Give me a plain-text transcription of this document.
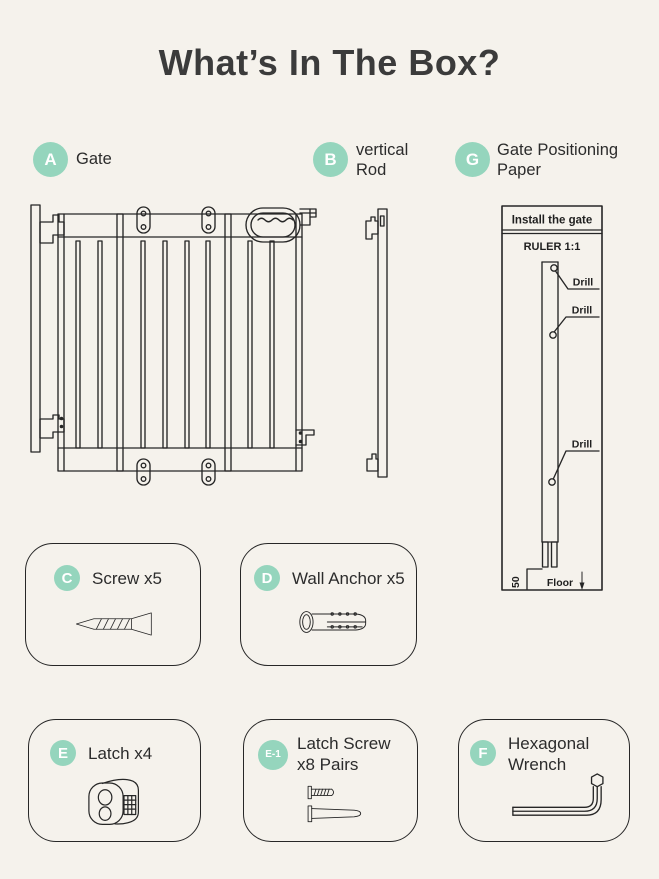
What’s In The Box?
A	Gate	B	vertical
Rod
G	Gate Positioning
Paper
Install the gate
RULER 1:1
Drill
Drill
Drill
50 Floor
C	Screw x5	D	Wall Anchor x5
E	Latch x4	E-1
Latch Screw
x8 Pairs
F	Hexagonal
Wrench
